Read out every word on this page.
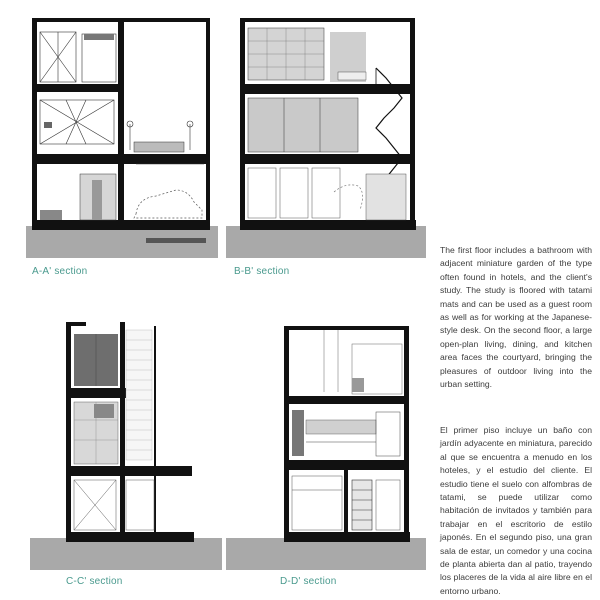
A-A' section	B-B' section
C-C' section	D-D' section
The first floor includes a bathroom with adjacent miniature garden of the type often found in hotels, and the client's study. The study is floored with tatami mats and can be used as a guest room as well as for working at the Japanese-style desk. On the second floor, a large open-plan living, dining, and kitchen area faces the courtyard, bringing the pleasures of outdoor living into the urban setting.
El primer piso incluye un baño con jardín adyacente en miniatura, parecido al que se encuentra a menudo en los hoteles, y el estudio del cliente. El estudio tiene el suelo con alfombras de tatami, se puede utilizar como habitación de invitados y también para trabajar en el escritorio de estilo japonés. En el segundo piso, una gran sala de estar, un comedor y una cocina de planta abierta dan al patio, trayendo los placeres de la vida al aire libre en el entorno urbano.
